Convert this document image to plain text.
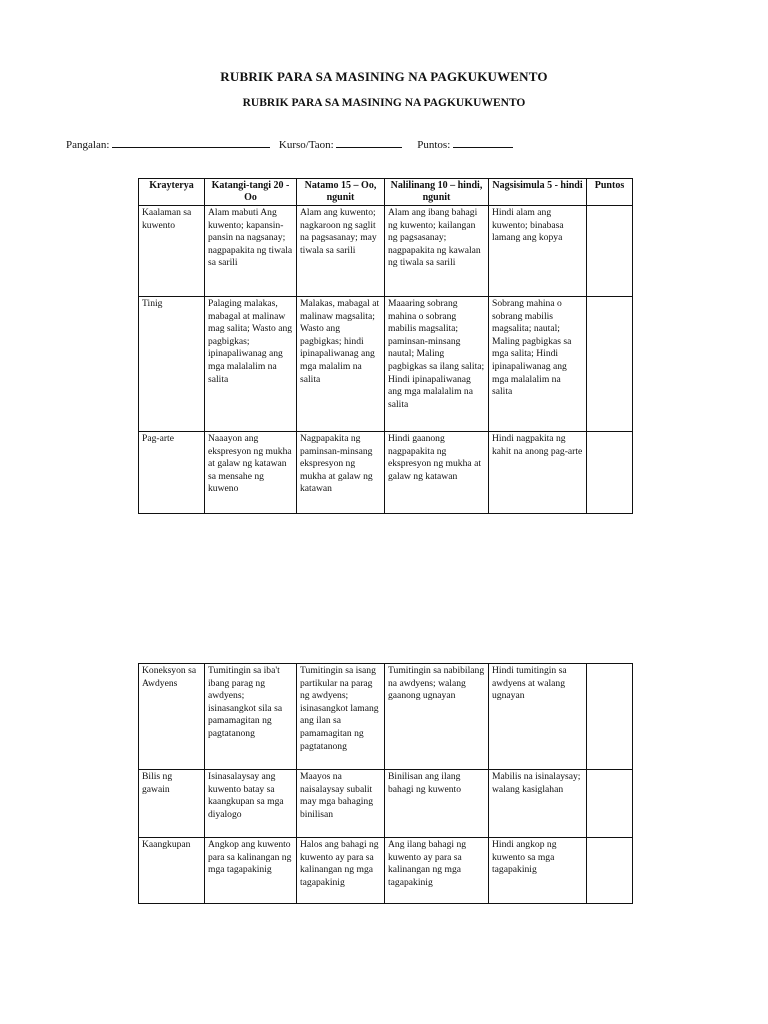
RUBRIK PARA SA MASINING NA PAGKUKUWENTO
RUBRIK PARA SA MASINING NA PAGKUKUWENTO
Pangalan:	Kurso/Taon:	Puntos:
Krayterya	Katangi-tangi 20 - Oo	Natamo 15 – Oo, ngunit	Nalilinang 10 – hindi, ngunit	Nagsisimula 5 - hindi	Puntos
Kaalaman sa kuwento	Alam mabuti Ang kuwento; kapansin-pansin na nagsanay; nagpapakita ng tiwala sa sarili	Alam ang kuwento; nagkaroon ng saglit na pagsasanay; may tiwala sa sarili	Alam ang ibang bahagi ng kuwento; kailangan ng pagsasanay; nagpapakita ng kawalan ng tiwala sa sarili	Hindi alam ang kuwento; binabasa lamang ang kopya	
Tinig	Palaging malakas, mabagal at malinaw mag salita; Wasto ang pagbigkas; ipinapaliwanag ang mga malalalim na salita	Malakas, mabagal at malinaw magsalita; Wasto ang pagbigkas; hindi ipinapaliwanag ang mga malalim na salita	Maaaring sobrang mahina o sobrang mabilis magsalita; paminsan-minsang nautal; Maling pagbigkas sa ilang salita; Hindi ipinapaliwanag ang mga malalalim na salita	Sobrang mahina o sobrang mabilis magsalita; nautal; Maling pagbigkas sa mga salita; Hindi ipinapaliwanag ang mga malalalim na salita	
Pag-arte	Naaayon ang ekspresyon ng mukha at galaw ng katawan sa mensahe ng kuweno	Nagpapakita ng paminsan-minsang ekspresyon ng mukha at galaw ng katawan	Hindi gaanong nagpapakita ng ekspresyon ng mukha at galaw ng katawan	Hindi nagpakita ng kahit na anong pag-arte	
Koneksyon sa Awdyens	Tumitingin sa iba't ibang parag ng awdyens; isinasangkot sila sa pamamagitan ng pagtatanong	Tumitingin sa isang partikular na parag ng awdyens; isinasangkot lamang ang ilan sa pamamagitan ng pagtatanong	Tumitingin sa nabibilang na awdyens; walang gaanong ugnayan	Hindi tumitingin sa awdyens at walang ugnayan	
Bilis ng gawain	Isinasalaysay ang kuwento batay sa kaangkupan sa mga diyalogo	Maayos na naisalaysay subalit may mga bahaging binilisan	Binilisan ang ilang bahagi ng kuwento	Mabilis na isinalaysay; walang kasiglahan	
Kaangkupan	Angkop ang kuwento para sa kalinangan ng mga tagapakinig	Halos ang bahagi ng kuwento ay para sa kalinangan ng mga tagapakinig	Ang ilang bahagi ng kuwento ay para sa kalinangan ng mga tagapakinig	Hindi angkop ng kuwento sa mga tagapakinig	
